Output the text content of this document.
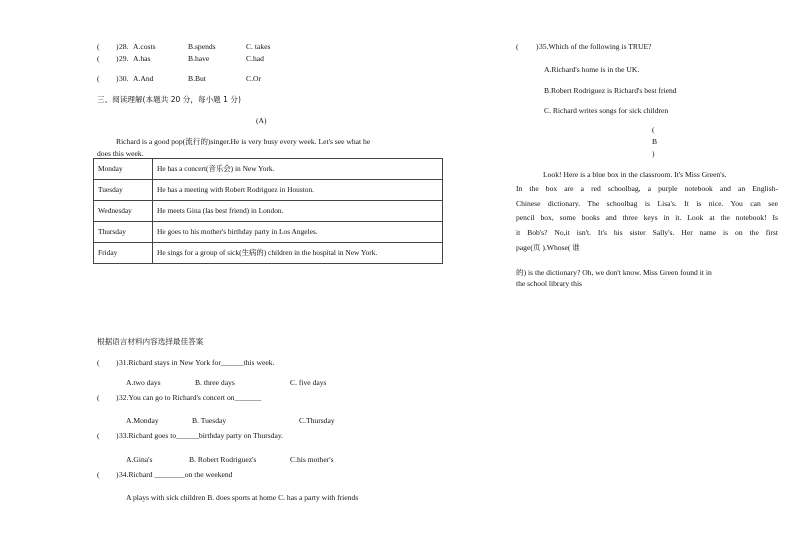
( ) 28. A.costs	B.spends	C. takes
( ) 29. A.has	B.have	C.had
( ) 30. A.And	B.But	C.Or
三、阅读理解(本题共 20 分，每小题 1 分)
(A)
Richard is a good pop(流行的)singer.He is very busy every week. Let's see what he
does this week.
Monday	He has a concert(音乐会) in New York.
Tuesday	He has a meeting with Robert Rodriguez in Houston.
Wednesday	He meets Gina (las best friend) in London.
Thursday	He goes to his mother's birthday party in Los Angeles.
Friday	He sings for a group of sick(生病的) children in the hospital in New York.
根据语言材料内容选择最佳答案
( ) 31.Richard stays in New York for______this week.
A.two days	B. three days	C. five days
( ) 32.You can go to Richard's concert on_______
A.Monday	B. Tuesday	C.Thursday
( ) 33.Richard goes to______birthday party on Thursday.
A.Gina's	B. Robert Rodriguez's	C.his mother's
( ) 34.Richard ________on the weekend
A plays with sick children B. does sports at home C. has a party with friends
( ) 35.Which of the following is TRUE?
A.Richard's home is in the UK.
B.Robert Rodriguez is Richard's best friend
C. Richard writes songs for sick children
(
B
)
Look! Here is a blue box in the classroom. It's Miss Green's.
In the box are a red schoolbag, a purple notebook and an English-
Chinese dictionary. The schoolbag is Lisa's. It is nice. You can see
pencil box, some books and three keys in it. Look at the notebook! Is
it Bob's? No,it isn't. It's his sister Sally's. Her name is on the first
page(页 ).Whose( 谁
的) is the dictionary? Oh, we don't know. Miss Green found it in
the school library this
